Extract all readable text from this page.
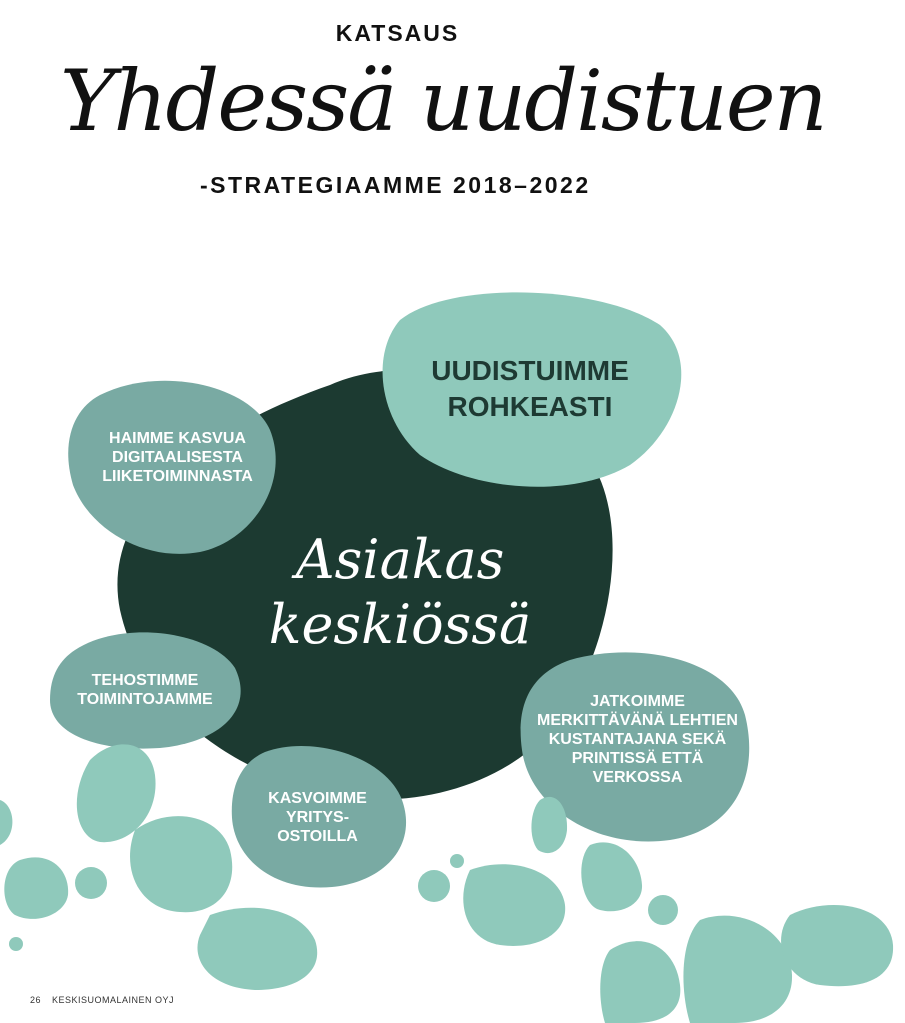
KATSAUS
Yhdessä uudistuen
-STRATEGIAAMME 2018–2022
UUDISTUIMME
ROHKEASTI
HAIMME KASVUA
DIGITAALISESTA
LIIKETOIMINNASTA
TEHOSTIMME
TOIMINTOJAMME
KASVOIMME
YRITYS-
OSTOILLA
JATKOIMME
MERKITTÄVÄNÄ LEHTIEN
KUSTANTAJANA SEKÄ
PRINTISSÄ ETTÄ
VERKOSSA
Asiakas
keskiössä
26 KESKISUOMALAINEN OYJ
